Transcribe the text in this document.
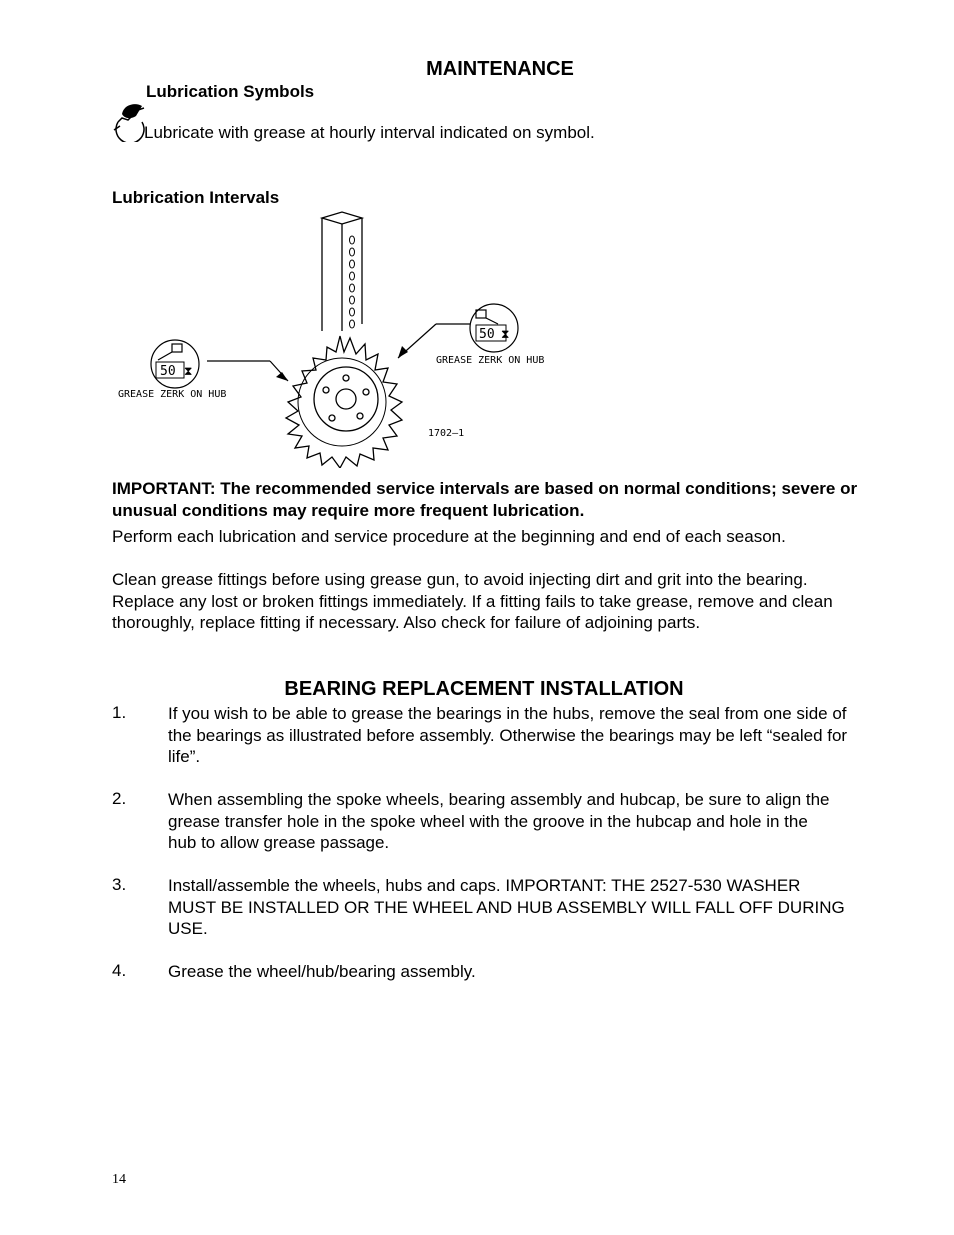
MAINTENANCE
Lubrication Symbols
Lubricate with grease at hourly interval indicated on symbol.
Lubrication Intervals
50 ⧗
GREASE ZERK ON HUB
50 ⧗
GREASE ZERK ON HUB
1702–1
IMPORTANT: The recommended service intervals are based on normal conditions; severe or unusual conditions may require more frequent lubrication.
Perform each lubrication and service procedure at the beginning and end of each season.
Clean grease fittings before using grease gun, to avoid injecting dirt and grit into the bearing. Replace any lost or broken fittings immediately. If a fitting fails to take grease, remove and clean thoroughly, replace fitting if necessary. Also check for failure of adjoining parts.
BEARING REPLACEMENT INSTALLATION
1. If you wish to be able to grease the bearings in the hubs, remove the seal from one side of the bearings as illustrated before assembly. Otherwise the bearings may be left “sealed for life”.
2. When assembling the spoke wheels, bearing assembly and hubcap, be sure to align the grease transfer hole in the spoke wheel with the groove in the hubcap and hole in the hub to allow grease passage.
3. Install/assemble the wheels, hubs and caps. IMPORTANT: THE 2527-530 WASHER MUST BE INSTALLED OR THE WHEEL AND HUB ASSEMBLY WILL FALL OFF DURING USE.
4. Grease the wheel/hub/bearing assembly.
14
